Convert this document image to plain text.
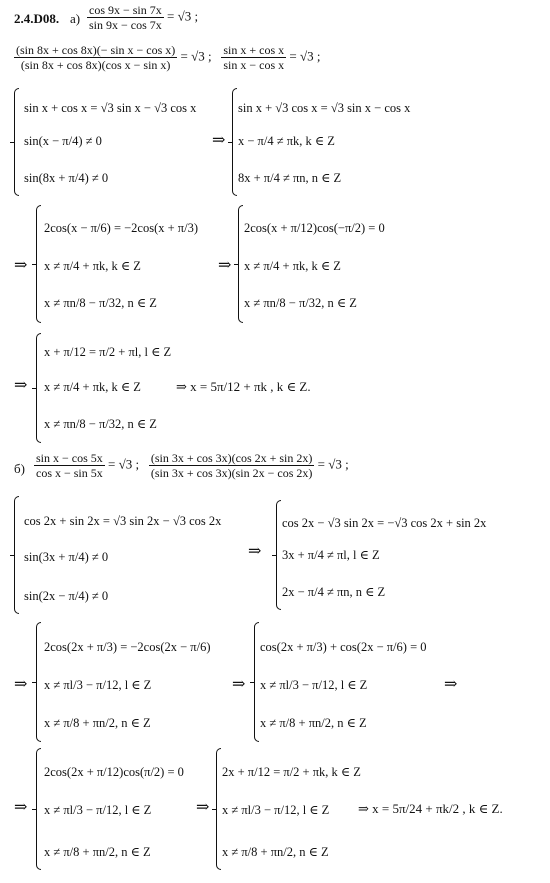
2.4.D08. $а) \frac{\cos 9x - \sin 7x}{\sin 9x - \cos 7x} = √3$ ;
$\frac{\text{(sin 8x + cos 8x)(− sin x − cos x)}}{\text{(sin 8x + cos 8x)(cos x − sin x)}} = √3$ ; $\frac{\text{sin x + cos x}}{\text{sin x − cos x}} = √3$ ;
sin x + cos x = √3 sin x − √3 cos x
sin(x − π/4) ≠ 0
sin(8x + π/4) ≠ 0
⇒
sin x + √3 cos x = √3 sin x − cos x
x − π/4 ≠ πk, k ∈ Z
8x + π/4 ≠ πn, n ∈ Z
⇒
2cos(x − π/6) = −2cos(x + π/3)
x ≠ π/4 + πk, k ∈ Z
x ≠ πn/8 − π/32, n ∈ Z
⇒
2cos(x + π/12)cos(−π/2) = 0
x ≠ π/4 + πk, k ∈ Z
x ≠ πn/8 − π/32, n ∈ Z
⇒
x + π/12 = π/2 + πl, l ∈ Z
x ≠ π/4 + πk, k ∈ Z
x ≠ πn/8 − π/32, n ∈ Z
⇒ x = 5π/12 + πk , k ∈ Z.
$б) \frac{\text{sin x − cos 5x}}{\text{cos x − sin 5x}} = √3$ ; $\frac{(\sin 3x + \cos 3x)(\cos 2x + \sin 2x)}{(\sin 3x + \cos 3x)(\sin 2x - \cos 2x)} = √3$ ;
cos 2x + sin 2x = √3 sin 2x − √3 cos 2x
sin(3x + π/4) ≠ 0
sin(2x − π/4) ≠ 0
⇒
cos 2x − √3 sin 2x = −√3 cos 2x + sin 2x
3x + π/4 ≠ πl, l ∈ Z
2x − π/4 ≠ πn, n ∈ Z
⇒
2cos(2x + π/3) = −2cos(2x − π/6)
x ≠ πl/3 − π/12, l ∈ Z
x ≠ π/8 + πn/2, n ∈ Z
⇒
cos(2x + π/3) + cos(2x − π/6) = 0
x ≠ πl/3 − π/12, l ∈ Z
x ≠ π/8 + πn/2, n ∈ Z
⇒
⇒
2cos(2x + π/12)cos(π/2) = 0
x ≠ πl/3 − π/12, l ∈ Z
x ≠ π/8 + πn/2, n ∈ Z
⇒
2x + π/12 = π/2 + πk, k ∈ Z
x ≠ πl/3 − π/12, l ∈ Z
x ≠ π/8 + πn/2, n ∈ Z
⇒ x = 5π/24 + πk/2 , k ∈ Z.
(cos 9x − sin 7x) / (sin 9x − cos 7x) = √3 ;
(sin 8x + cos 8x)(−sin x − cos x) / ((sin 8x + cos 8x)(cos x − sin x)) = √3 ; (sin x + cos x)/(sin x − cos x) = √3 ;
(sin x − cos 5x)/(cos x − sin 5x) = √3 ; (sin 3x + cos 3x)(cos 2x + sin 2x) / ((sin 3x + cos 3x)(sin 2x − cos 2x)) = √3 ;
